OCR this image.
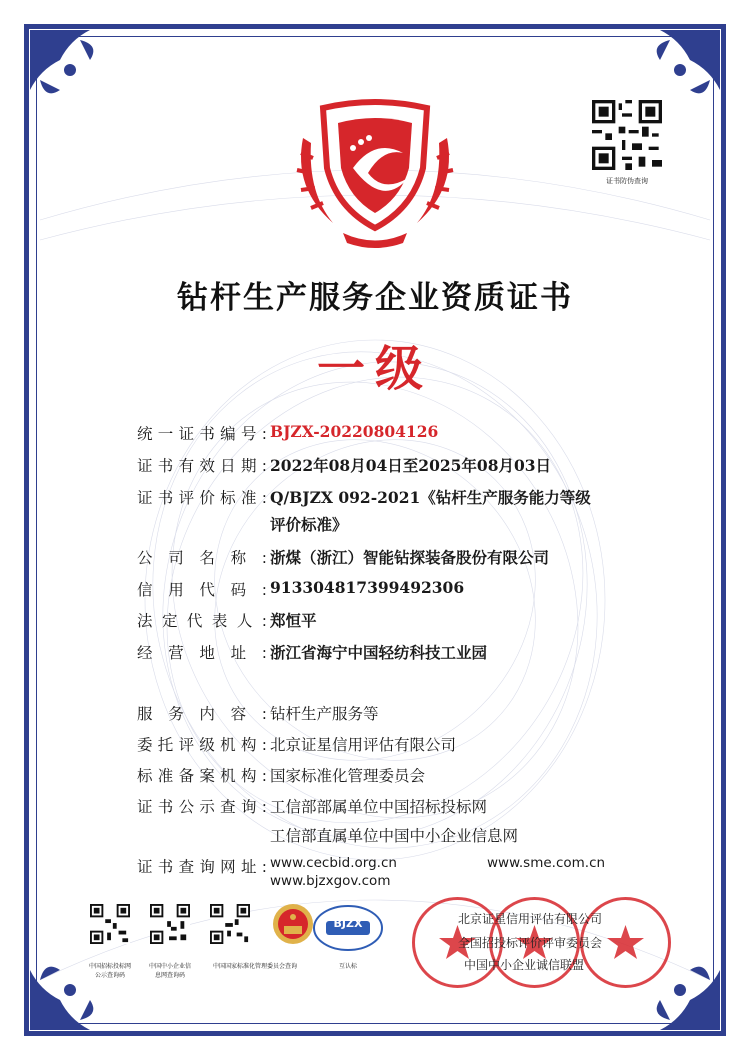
证书防伪查询
钻杆生产服务企业资质证书
一级
统一证书编号: BJZX-20220804126
证书有效日期: 2022年08月04日至2025年08月03日
证书评价标准: Q/BJZX 092-2021《钻杆生产服务能力等级
评价标准》
公司名称: 浙煤（浙江）智能钻探装备股份有限公司
信用代码: 913304817399492306
法定代表人: 郑恒平
经营地址: 浙江省海宁中国轻纺科技工业园
服务内容: 钻杆生产服务等
委托评级机构: 北京证星信用评估有限公司
标准备案机构: 国家标准化管理委员会
证书公示查询: 工信部部属单位中国招标投标网
工信部直属单位中国中小企业信息网
证书查询网址: www.cecbid.org.cn	www.sme.com.cn
www.bjzxgov.com
BJZX
中国招标投标网
公示查询码
中国中小企业信
息网查询码
中国国家标准化管理委员会查询	互认标
北京证星信用评估有限公司
全国招投标评价评审委员会
中国中小企业诚信联盟
